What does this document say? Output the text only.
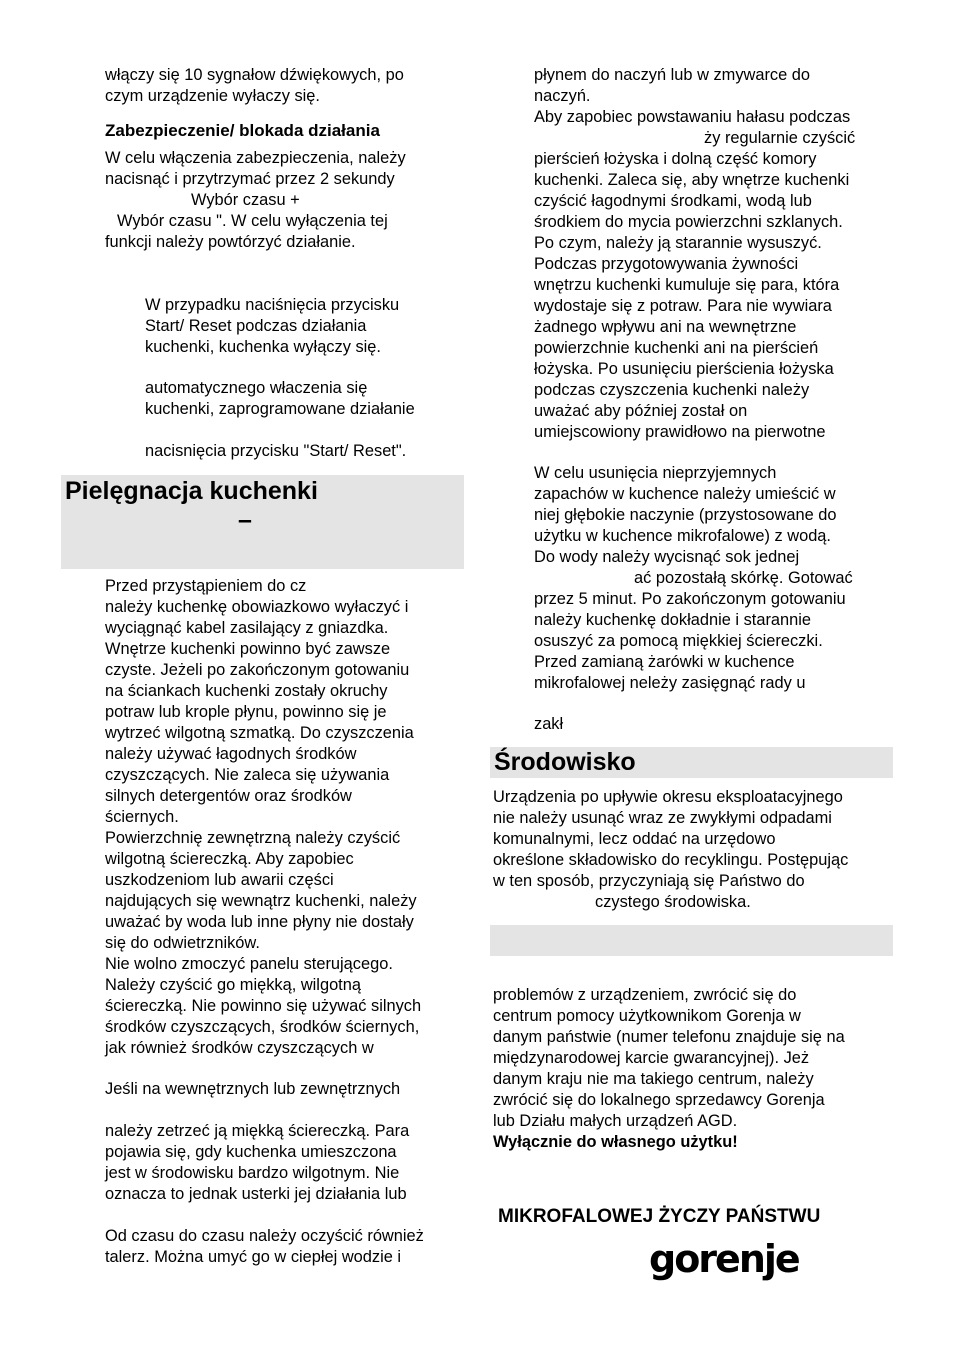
włączy się 10 sygnałow dźwiękowych, po
czym urządzenie wyłaczy się.
Zabezpieczenie/ blokada działania
W celu włączenia zabezpieczenia, należy
nacisnąć i przytrzymać przez 2 sekundy
Wybór czasu +
Wybór czasu ". W celu wyłączenia tej
funkcji należy powtórzyć działanie.
W przypadku naciśnięcia przycisku
Start/ Reset podczas działania
kuchenki, kuchenka wyłączy się.
automatycznego właczenia się
kuchenki, zaprogramowane działanie
nacisnięcia przycisku "Start/ Reset".
Pielęgnacja kuchenki
–
Przed przystąpieniem do cz
należy kuchenkę obowiazkowo wyłaczyć i
wyciągnąć kabel zasilający z gniazdka.
Wnętrze kuchenki powinno być zawsze
czyste. Jeżeli po zakończonym gotowaniu
na ściankach kuchenki zostały okruchy
potraw lub krople płynu, powinno się je
wytrzeć wilgotną szmatką. Do czyszczenia
należy używać łagodnych środków
czyszczących. Nie zaleca się używania
silnych detergentów oraz środków
ściernych.
Powierzchnię zewnętrzną należy czyścić
wilgotną ściereczką. Aby zapobiec
uszkodzeniom lub awarii części
najdujących się wewnątrz kuchenki, należy
uważać by woda lub inne płyny nie dostały
się do odwietrzników.
Nie wolno zmoczyć panelu sterującego.
Należy czyścić go miękką, wilgotną
ściereczką. Nie powinno się używać silnych
środków czyszczących, środków ściernych,
jak również środków czyszczących w
Jeśli na wewnętrznych lub zewnętrznych
należy zetrzeć ją miękką ściereczką. Para
pojawia się, gdy kuchenka umieszczona
jest w środowisku bardzo wilgotnym. Nie
oznacza to jednak usterki jej działania lub
Od czasu do czasu należy oczyścić również
talerz. Można umyć go w ciepłej wodzie i
płynem do naczyń lub w zmywarce do
naczyń.
Aby zapobiec powstawaniu hałasu podczas
ży regularnie czyścić
pierścień łożyska i dolną część komory
kuchenki. Zaleca się, aby wnętrze kuchenki
czyścić łagodnymi środkami, wodą lub
środkiem do mycia powierzchni szklanych.
Po czym, należy ją starannie wysuszyć.
Podczas przygotowywania żywności
wnętrzu kuchenki kumuluje się para, która
wydostaje się z potraw. Para nie wywiara
żadnego wpływu ani na wewnętrzne
powierzchnie kuchenki ani na pierścień
łożyska. Po usunięciu pierścienia łożyska
podczas czyszczenia kuchenki należy
uważać aby później został on
umiejscowiony prawidłowo na pierwotne
W celu usunięcia nieprzyjemnych
zapachów w kuchence należy umieścić w
niej głębokie naczynie (przystosowane do
użytku w kuchence mikrofalowe) z wodą.
Do wody należy wycisnąć sok jednej
ać pozostałą skórkę. Gotować
przez 5 minut. Po zakończonym gotowaniu
należy kuchenkę dokładnie i starannie
osuszyć za pomocą miękkiej ściereczki.
Przed zamianą żarówki w kuchence
mikrofalowej neleży zasięgnąć rady u
zakł
Środowisko
Urządzenia po upływie okresu eksploatacyjnego
nie należy usunąć wraz ze zwykłymi odpadami
komunalnymi, lecz oddać na urzędowo
określone składowisko do recyklingu. Postępując
w ten sposób, przyczyniają się Państwo do
czystego środowiska.
problemów z urządzeniem, zwrócić się do
centrum pomocy użytkownikom Gorenja w
danym państwie (numer telefonu znajduje się na
międzynarodowej karcie gwarancyjnej). Jeż
danym kraju nie ma takiego centrum, należy
zwrócić się do lokalnego sprzedawcy Gorenja
lub Działu małych urządzeń AGD.
Wyłącznie do własnego użytku!
MIKROFALOWEJ ŻYCZY PAŃSTWU
gorenje
